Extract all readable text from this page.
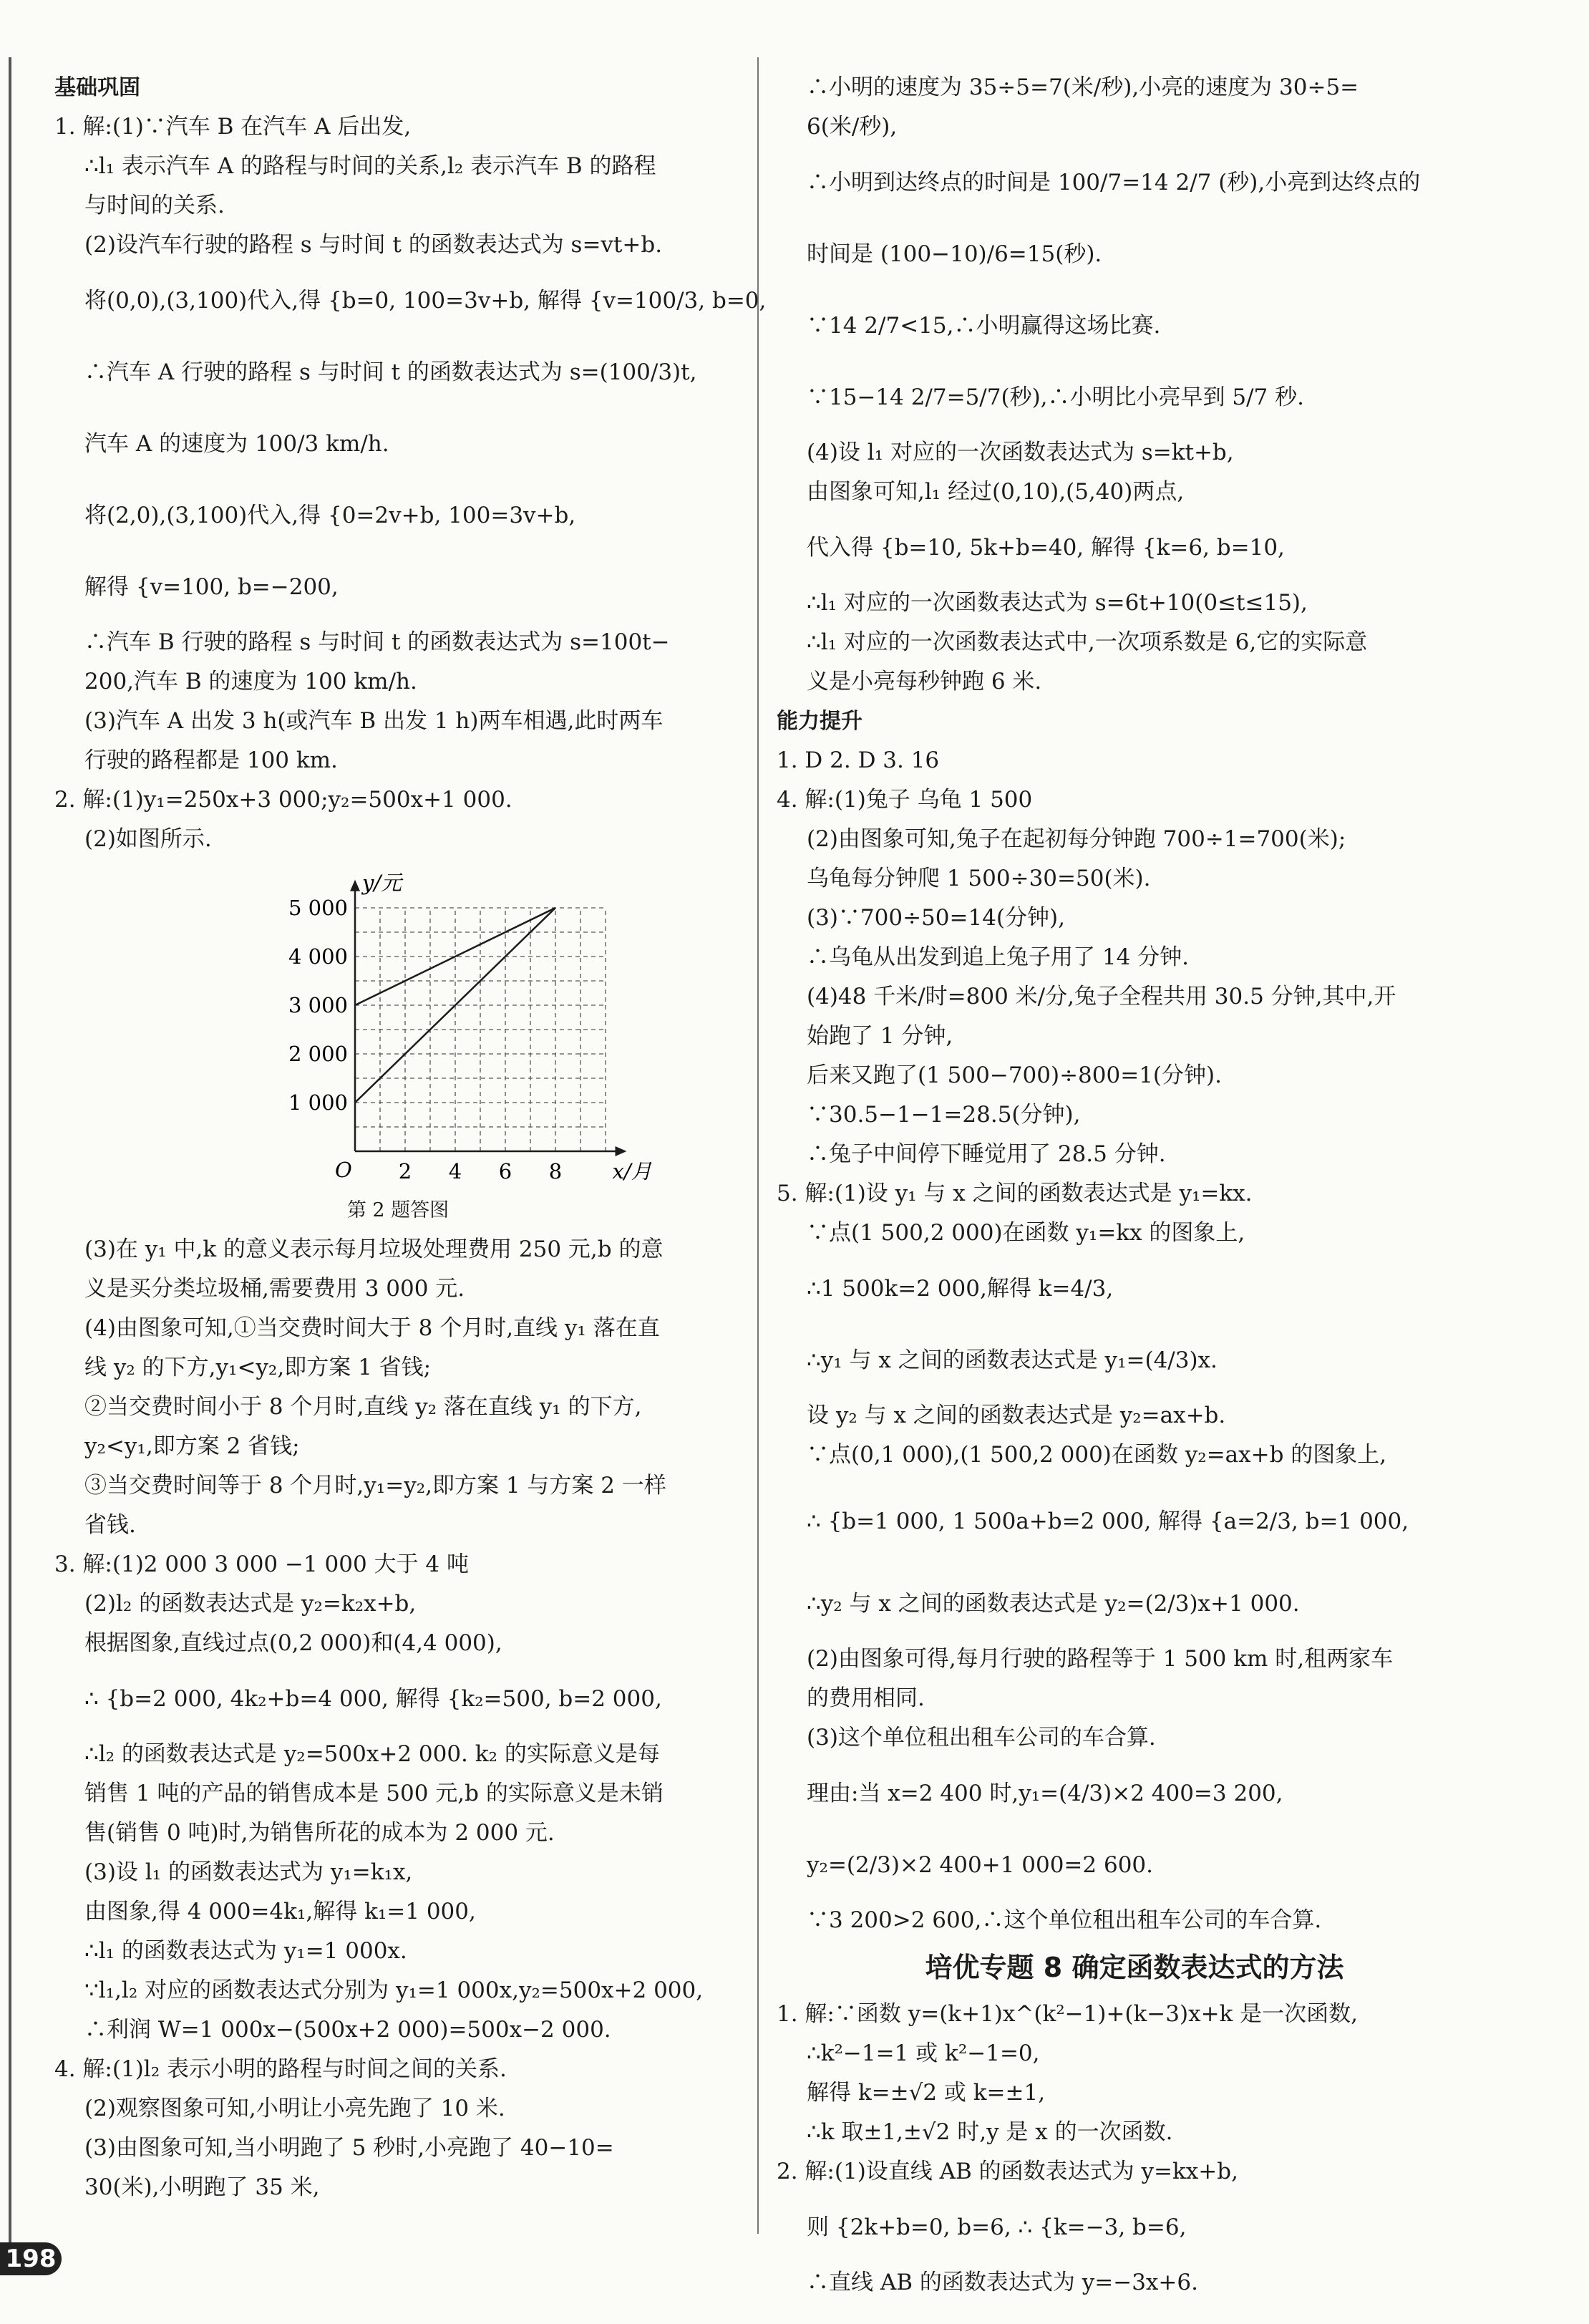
基础巩固
1. 解:(1)∵汽车 B 在汽车 A 后出发,
∴l₁ 表示汽车 A 的路程与时间的关系,l₂ 表示汽车 B 的路程
与时间的关系.
(2)设汽车行驶的路程 s 与时间 t 的函数表达式为 s=vt+b.
将(0,0),(3,100)代入,得 {b=0, 100=3v+b, 解得 {v=100/3, b=0,
∴汽车 A 行驶的路程 s 与时间 t 的函数表达式为 s=(100/3)t,
汽车 A 的速度为 100/3 km/h.
将(2,0),(3,100)代入,得 {0=2v+b, 100=3v+b,
解得 {v=100, b=−200,
∴汽车 B 行驶的路程 s 与时间 t 的函数表达式为 s=100t−
200,汽车 B 的速度为 100 km/h.
(3)汽车 A 出发 3 h(或汽车 B 出发 1 h)两车相遇,此时两车
行驶的路程都是 100 km.
2. 解:(1)y₁=250x+3 000;y₂=500x+1 000.
(2)如图所示.
2 4 6 8
1 000
2 000
3 000
4 000
5 000
x/月
y/元
O
第 2 题答图
(3)在 y₁ 中,k 的意义表示每月垃圾处理费用 250 元,b 的意
义是买分类垃圾桶,需要费用 3 000 元.
(4)由图象可知,①当交费时间大于 8 个月时,直线 y₁ 落在直
线 y₂ 的下方,y₁<y₂,即方案 1 省钱;
②当交费时间小于 8 个月时,直线 y₂ 落在直线 y₁ 的下方,
y₂<y₁,即方案 2 省钱;
③当交费时间等于 8 个月时,y₁=y₂,即方案 1 与方案 2 一样
省钱.
3. 解:(1)2 000 3 000 −1 000 大于 4 吨
(2)l₂ 的函数表达式是 y₂=k₂x+b,
根据图象,直线过点(0,2 000)和(4,4 000),
∴ {b=2 000, 4k₂+b=4 000, 解得 {k₂=500, b=2 000,
∴l₂ 的函数表达式是 y₂=500x+2 000. k₂ 的实际意义是每
销售 1 吨的产品的销售成本是 500 元,b 的实际意义是未销
售(销售 0 吨)时,为销售所花的成本为 2 000 元.
(3)设 l₁ 的函数表达式为 y₁=k₁x,
由图象,得 4 000=4k₁,解得 k₁=1 000,
∴l₁ 的函数表达式为 y₁=1 000x.
∵l₁,l₂ 对应的函数表达式分别为 y₁=1 000x,y₂=500x+2 000,
∴利润 W=1 000x−(500x+2 000)=500x−2 000.
4. 解:(1)l₂ 表示小明的路程与时间之间的关系.
(2)观察图象可知,小明让小亮先跑了 10 米.
(3)由图象可知,当小明跑了 5 秒时,小亮跑了 40−10=
30(米),小明跑了 35 米,
∴小明的速度为 35÷5=7(米/秒),小亮的速度为 30÷5=
6(米/秒),
∴小明到达终点的时间是 100/7=14 2/7 (秒),小亮到达终点的
时间是 (100−10)/6=15(秒).
∵14 2/7<15,∴小明赢得这场比赛.
∵15−14 2/7=5/7(秒),∴小明比小亮早到 5/7 秒.
(4)设 l₁ 对应的一次函数表达式为 s=kt+b,
由图象可知,l₁ 经过(0,10),(5,40)两点,
代入得 {b=10, 5k+b=40, 解得 {k=6, b=10,
∴l₁ 对应的一次函数表达式为 s=6t+10(0≤t≤15),
∴l₁ 对应的一次函数表达式中,一次项系数是 6,它的实际意
义是小亮每秒钟跑 6 米.
能力提升
1. D 2. D 3. 16
4. 解:(1)兔子 乌龟 1 500
(2)由图象可知,兔子在起初每分钟跑 700÷1=700(米);
乌龟每分钟爬 1 500÷30=50(米).
(3)∵700÷50=14(分钟),
∴乌龟从出发到追上兔子用了 14 分钟.
(4)48 千米/时=800 米/分,兔子全程共用 30.5 分钟,其中,开
始跑了 1 分钟,
后来又跑了(1 500−700)÷800=1(分钟).
∵30.5−1−1=28.5(分钟),
∴兔子中间停下睡觉用了 28.5 分钟.
5. 解:(1)设 y₁ 与 x 之间的函数表达式是 y₁=kx.
∵点(1 500,2 000)在函数 y₁=kx 的图象上,
∴1 500k=2 000,解得 k=4/3,
∴y₁ 与 x 之间的函数表达式是 y₁=(4/3)x.
设 y₂ 与 x 之间的函数表达式是 y₂=ax+b.
∵点(0,1 000),(1 500,2 000)在函数 y₂=ax+b 的图象上,
∴ {b=1 000, 1 500a+b=2 000, 解得 {a=2/3, b=1 000,
∴y₂ 与 x 之间的函数表达式是 y₂=(2/3)x+1 000.
(2)由图象可得,每月行驶的路程等于 1 500 km 时,租两家车
的费用相同.
(3)这个单位租出租车公司的车合算.
理由:当 x=2 400 时,y₁=(4/3)×2 400=3 200,
y₂=(2/3)×2 400+1 000=2 600.
∵3 200>2 600,∴这个单位租出租车公司的车合算.
培优专题 8 确定函数表达式的方法
1. 解:∵函数 y=(k+1)x^(k²−1)+(k−3)x+k 是一次函数,
∴k²−1=1 或 k²−1=0,
解得 k=±√2 或 k=±1,
∴k 取±1,±√2 时,y 是 x 的一次函数.
2. 解:(1)设直线 AB 的函数表达式为 y=kx+b,
则 {2k+b=0, b=6, ∴ {k=−3, b=6,
∴直线 AB 的函数表达式为 y=−3x+6.
198
